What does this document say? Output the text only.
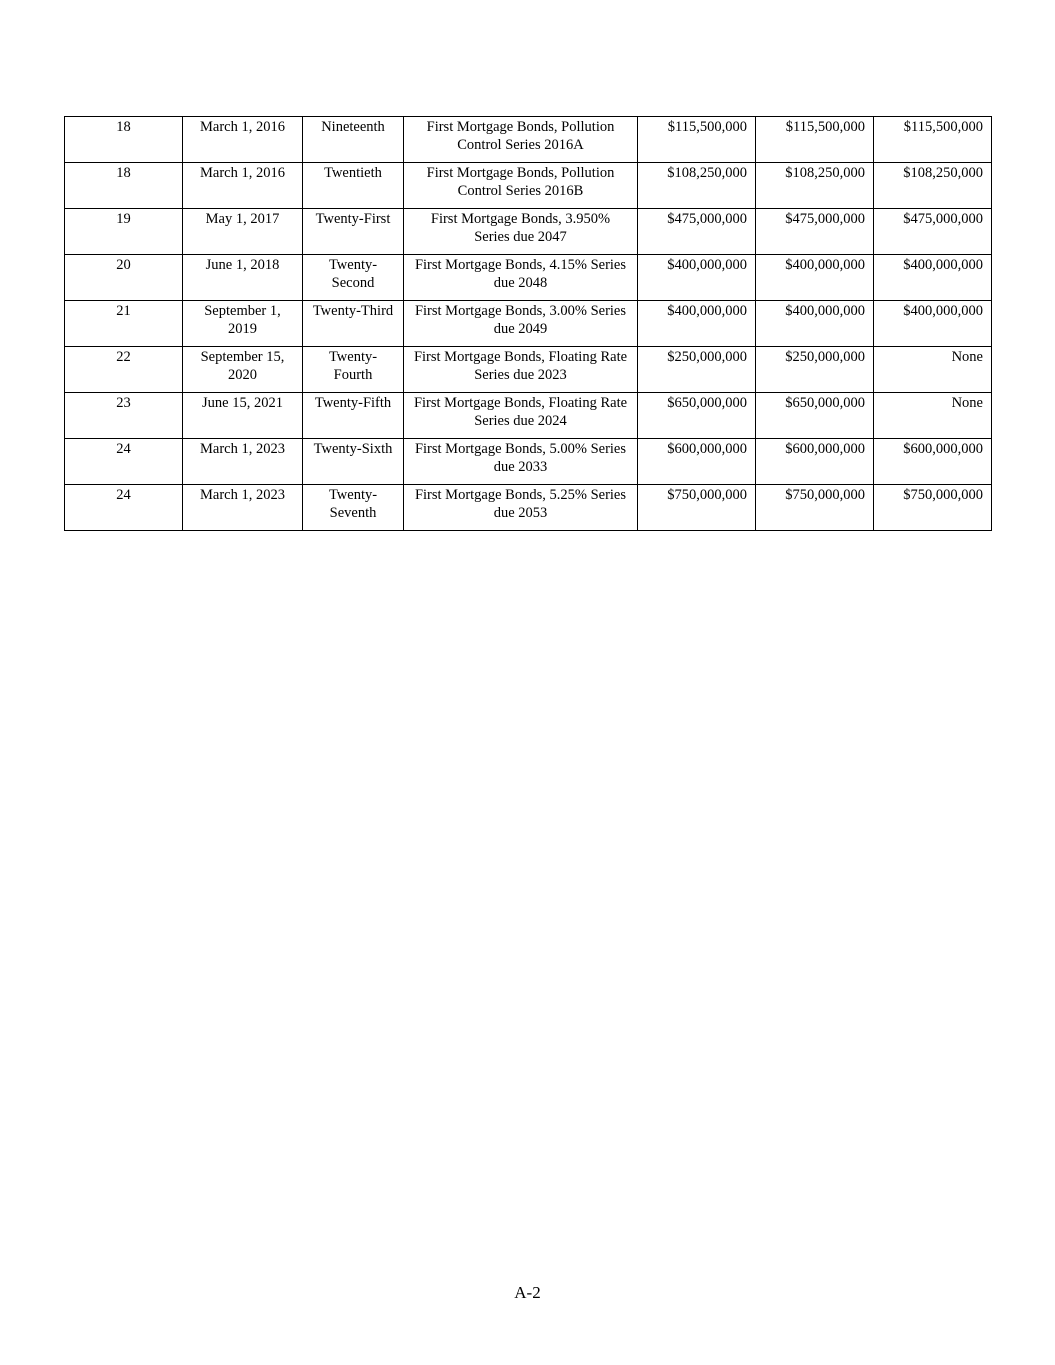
18	March 1, 2016	Nineteenth	First Mortgage Bonds, Pollution Control Series 2016A	$115,500,000	$115,500,000	$115,500,000
18	March 1, 2016	Twentieth	First Mortgage Bonds, Pollution Control Series 2016B	$108,250,000	$108,250,000	$108,250,000
19	May 1, 2017	Twenty-First	First Mortgage Bonds, 3.950% Series due 2047	$475,000,000	$475,000,000	$475,000,000
20	June 1, 2018	Twenty-Second	First Mortgage Bonds, 4.15% Series due 2048	$400,000,000	$400,000,000	$400,000,000
21	September 1, 2019	Twenty-Third	First Mortgage Bonds, 3.00% Series due 2049	$400,000,000	$400,000,000	$400,000,000
22	September 15, 2020	Twenty-Fourth	First Mortgage Bonds, Floating Rate Series due 2023	$250,000,000	$250,000,000	None
23	June 15, 2021	Twenty-Fifth	First Mortgage Bonds, Floating Rate Series due 2024	$650,000,000	$650,000,000	None
24	March 1, 2023	Twenty-Sixth	First Mortgage Bonds, 5.00% Series due 2033	$600,000,000	$600,000,000	$600,000,000
24	March 1, 2023	Twenty-Seventh	First Mortgage Bonds, 5.25% Series due 2053	$750,000,000	$750,000,000	$750,000,000
A-2
